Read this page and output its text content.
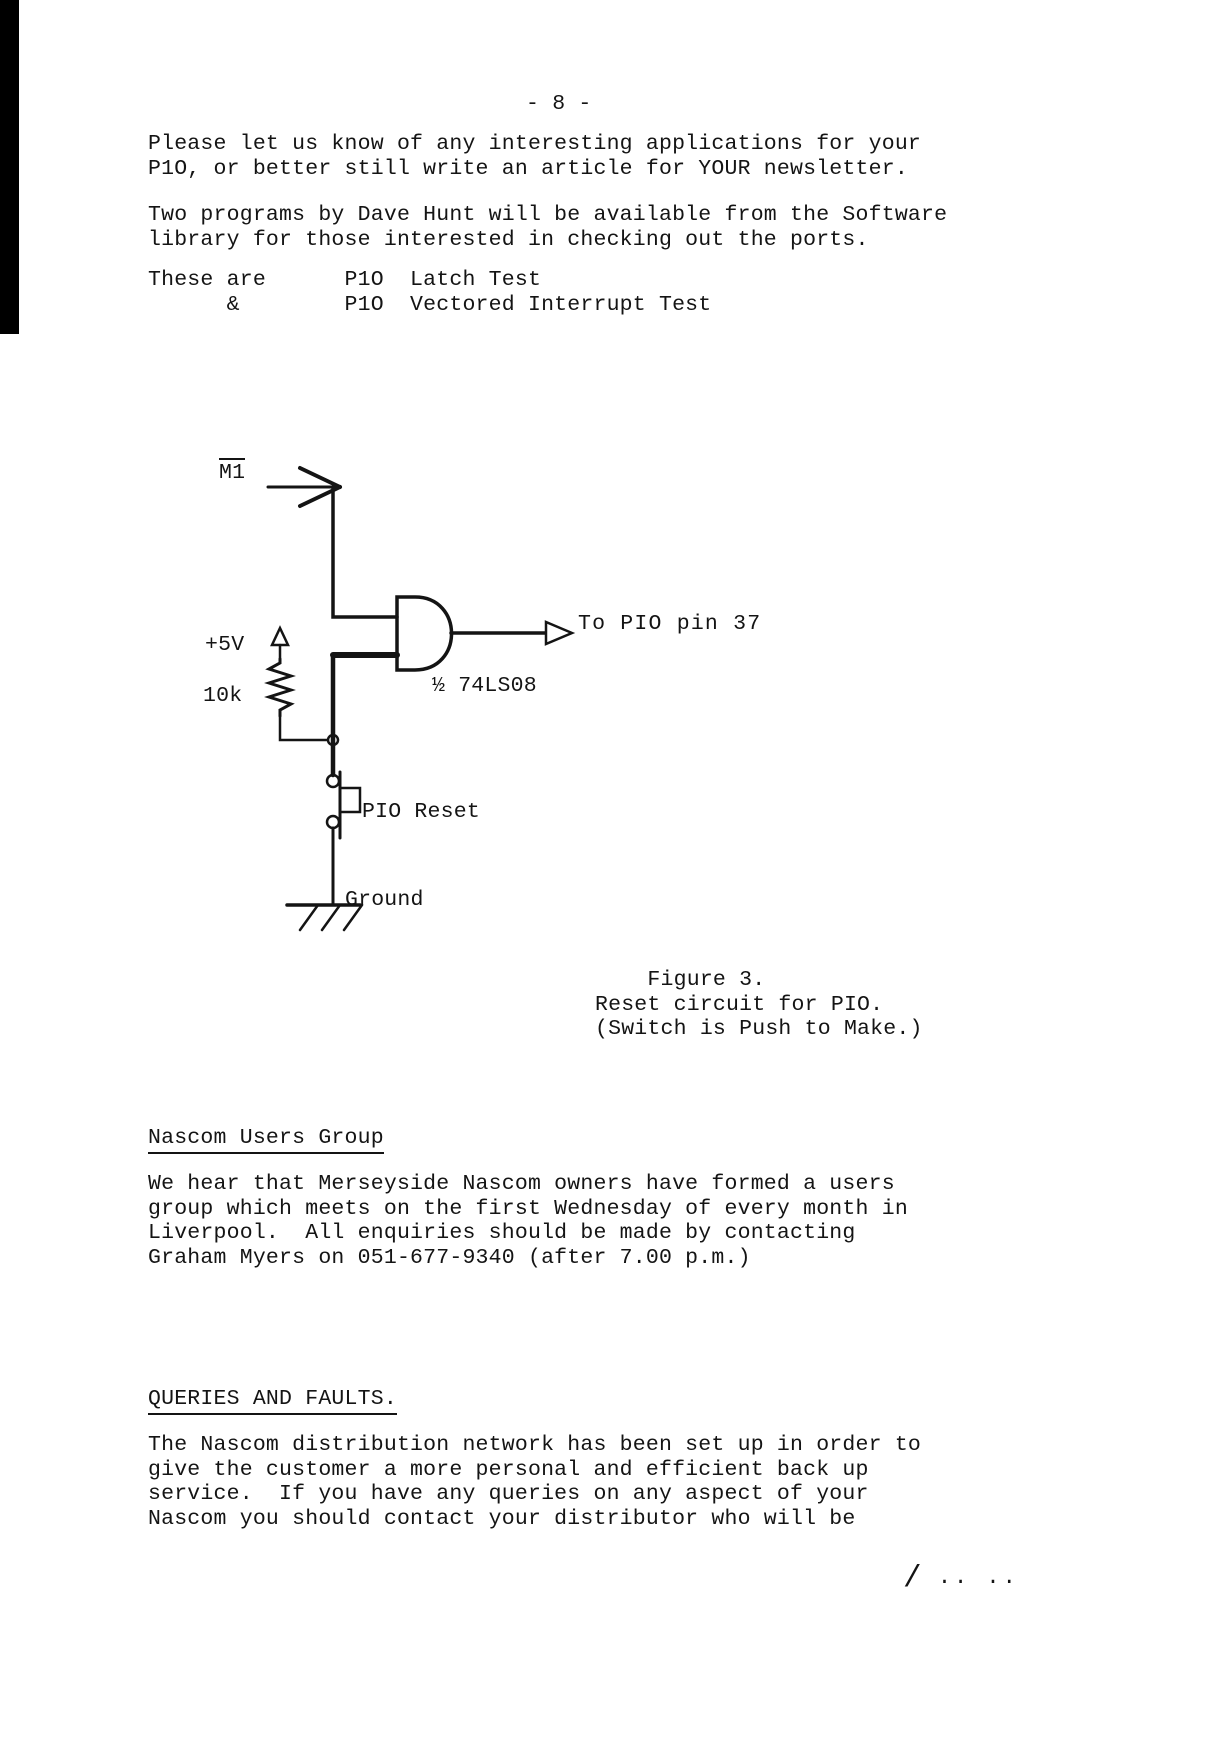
- 8 -
Please let us know of any interesting applications for your
P1O, or better still write an article for YOUR newsletter.
Two programs by Dave Hunt will be available from the Software
library for those interested in checking out the ports.
These are      P1O  Latch Test
&        P1O  Vectored Interrupt Test
M1
To PIO pin 37
½ 74LS08
+5V
10k
PIO Reset
Ground
Figure 3.
Reset circuit for PIO.
(Switch is Push to Make.)
Nascom Users Group
We hear that Merseyside Nascom owners have formed a users
group which meets on the first Wednesday of every month in
Liverpool.  All enquiries should be made by contacting
Graham Myers on 051-677-9340 (after 7.00 p.m.)
QUERIES AND FAULTS.
The Nascom distribution network has been set up in order to
give the customer a more personal and efficient back up
service.  If you have any queries on any aspect of your
Nascom you should contact your distributor who will be
/ .. ..
